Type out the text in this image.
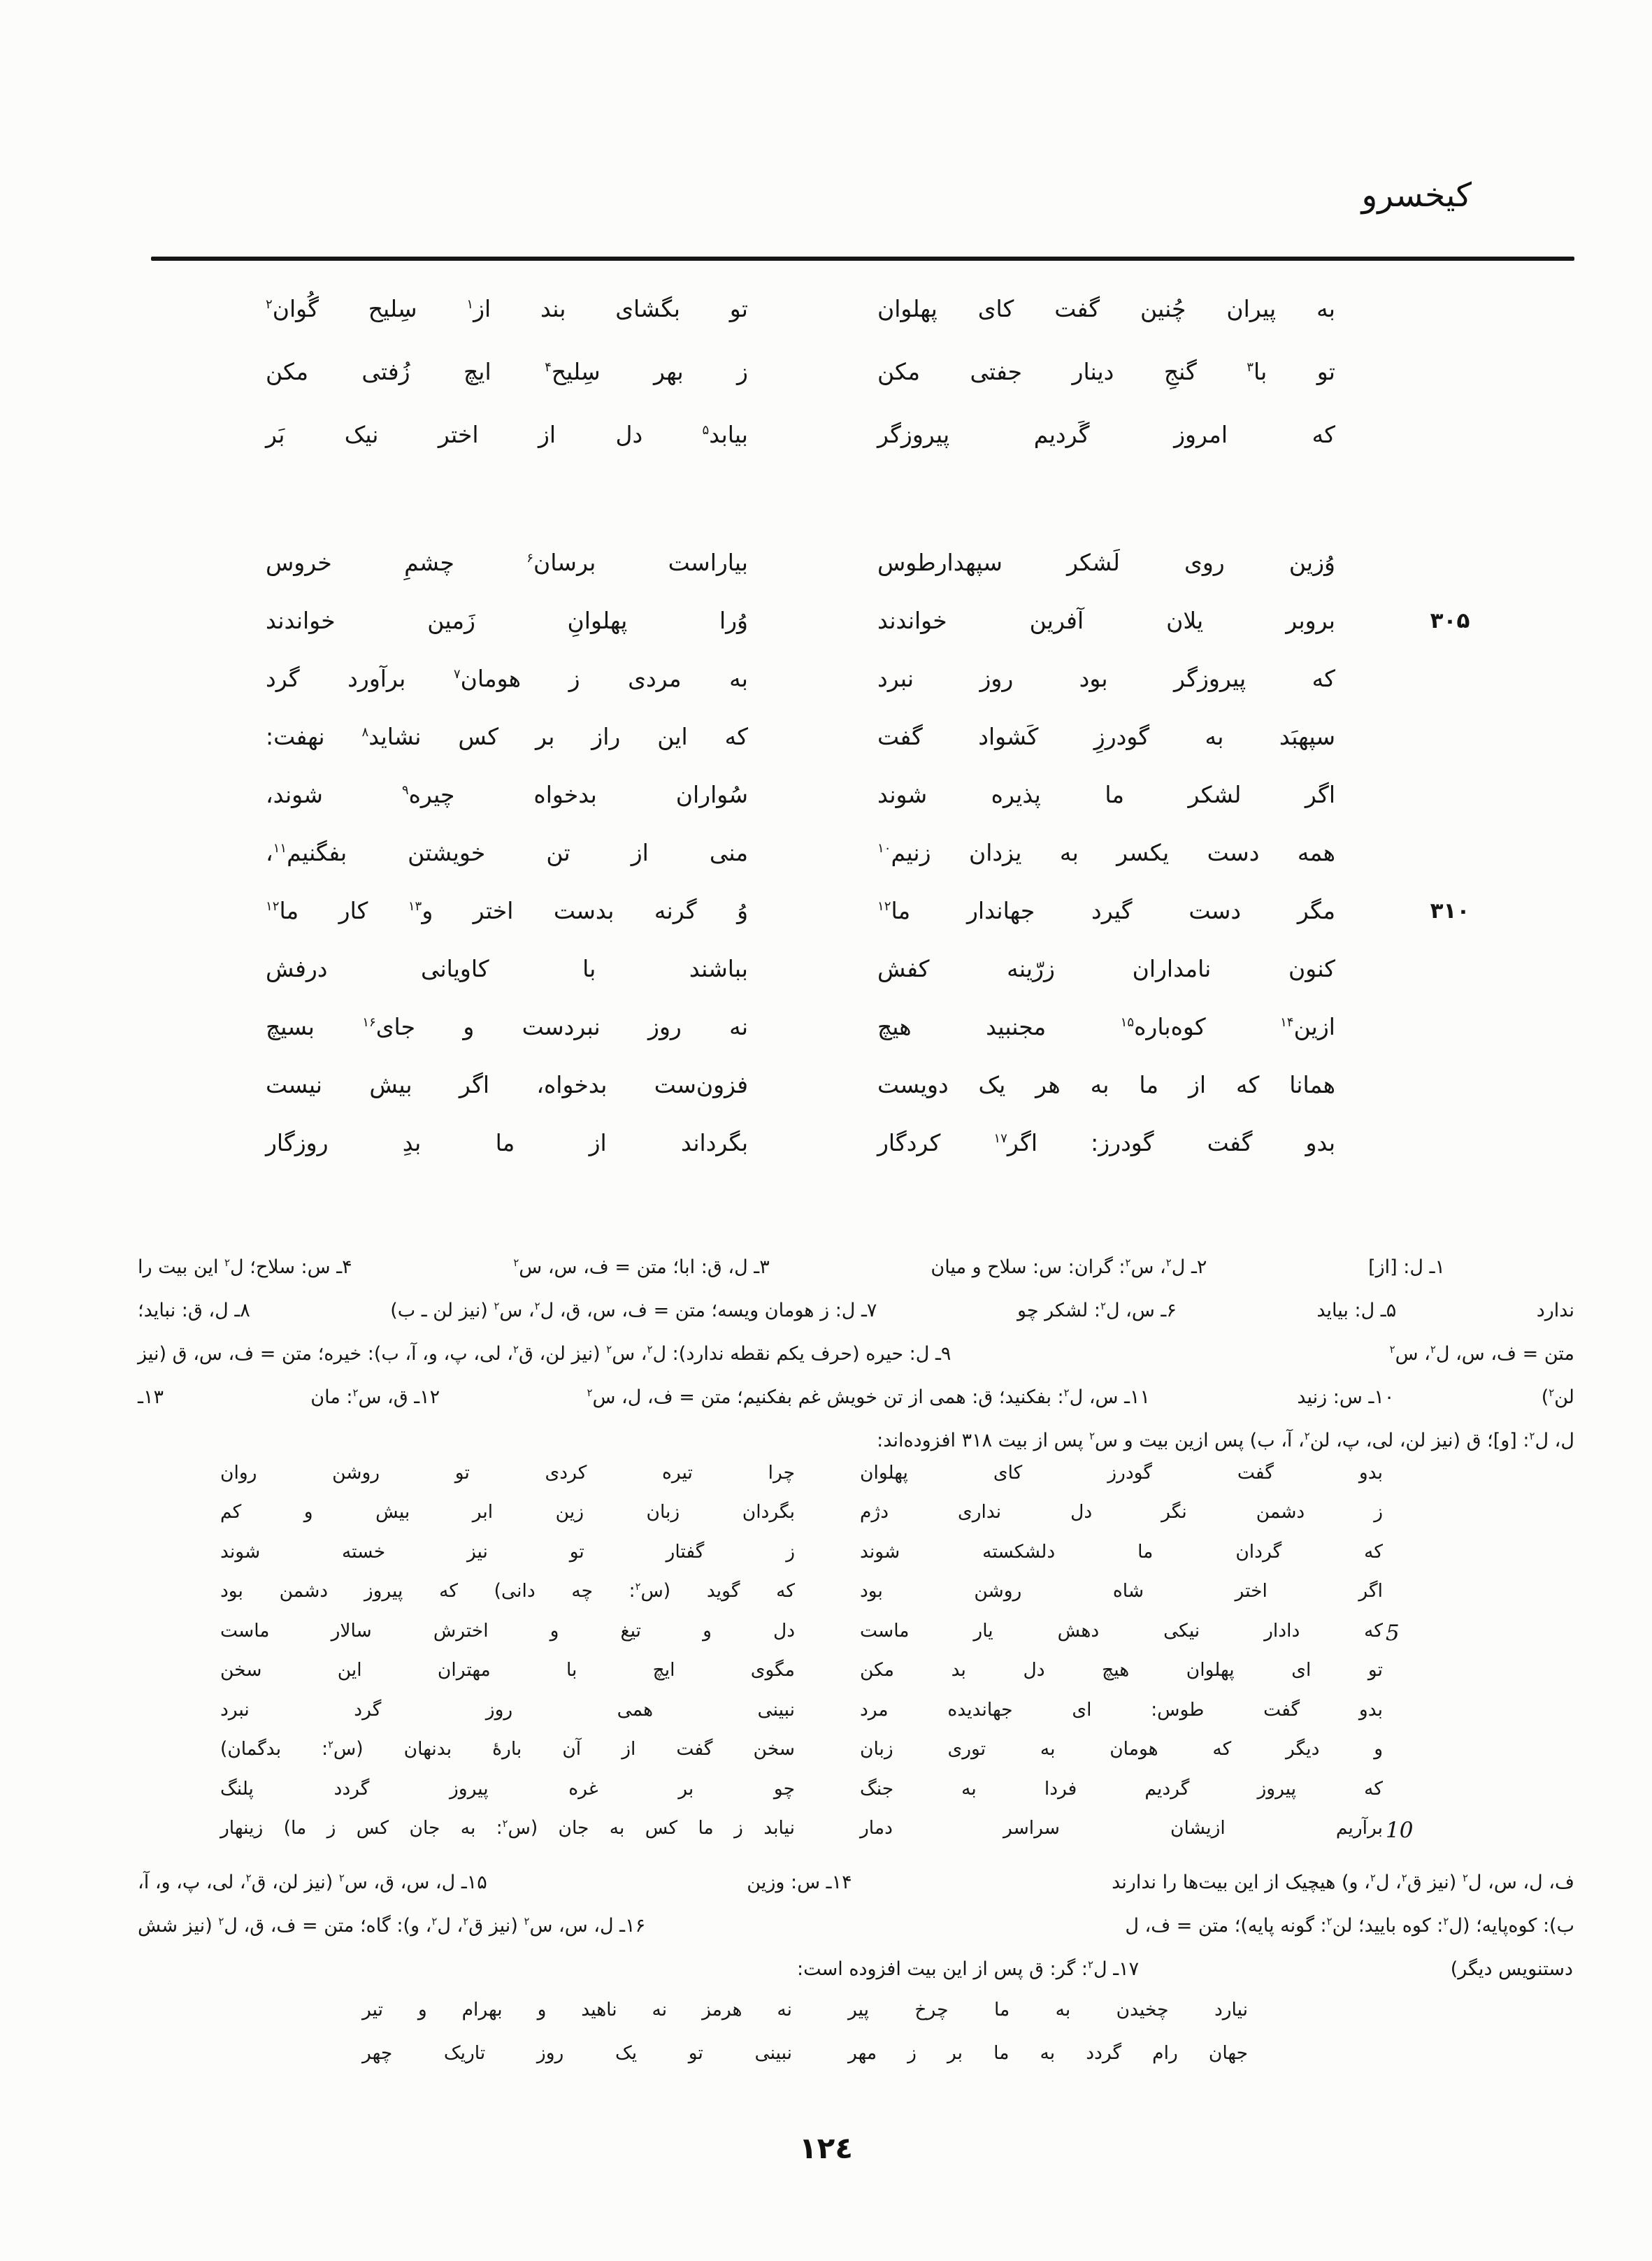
کیخسرو
به پیران چُنین گفت کای پهلوان
تو بگشای بند از$^۱$ سِلیح گُوان$^۲$
تو با$^۳$ گنجِ دینار جفتی مکن
ز بهر سِلیح$^۴$ ایچ زُفتی مکن
که امروز گَردیم پیروزگر
بیابد$^۵$ دل از اختر نیک بَر
وُزین روی لَشکر سپهدارطوس
بیاراست برسان$^۶$ چشمِ خروس
۳۰۵
بروبر یلان آفرین خواندند
وُرا پهلوانِ زَمین خواندند
که پیروزگر بود روز نبرد
به مردی ز هومان$^۷$ برآورد گرد
سپهبَد به گودرزِ کَشواد گفت
که این راز بر کس نشاید$^۸$ نهفت:
اگر لشکر ما پذیره شوند
سُواران بدخواه چیره$^۹$ شوند،
همه دست یکسر به یزدان زنیم$^{۱۰}$
منی از تن خویشتن بفگنیم$^{۱۱}$،
۳۱۰
مگر دست گیرد جهاندار ما$^{۱۲}$
وُ گرنه بدست اختر و$^{۱۳}$ کار ما$^{۱۲}$
کنون نامداران زرّینه کفش
بباشند با کاویانی درفش
ازین$^{۱۴}$ کوه‌باره$^{۱۵}$ مجنبید هیچ
نه روز نبردست و جای$^{۱۶}$ بسیچ
همانا که از ما به هر یک دویست
فزون‌ست بدخواه، اگر بیش نیست
بدو گفت گودرز: اگر$^{۱۷}$ کردگار
بگرداند از ما بدِ روزگار
۱ـ ل: [از]
۲ـ ل$^۲$، س$^۲$: گران: س: سلاح و میان
۳ـ ل، ق: ابا؛ متن = ف، س، س$^۲$
۴ـ س: سلاح؛ ل$^۲$ این بیت را
ندارد
۵ـ ل: بیاید
۶ـ س، ل$^۲$: لشکر چو
۷ـ ل: ز هومان ویسه؛ متن = ف، س، ق، ل$^۲$، س$^۲$ (نیز لن ـ ب)
۸ـ ل، ق: نباید؛
متن = ف، س، ل$^۲$، س$^۲$
۹ـ ل: حیره (حرف یکم نقطه ندارد): ل$^۲$، س$^۲$ (نیز لن، ق$^۲$، لی، پ، و، آ، ب): خیره؛ متن = ف، س، ق (نیز
لن$^۲$)
۱۰ـ س: زنید
۱۱ـ س، ل$^۲$: بفکنید؛ ق: همی از تن خویش غم بفکنیم؛ متن = ف، ل، س$^۲$
۱۲ـ ق، س$^۲$: مان
۱۳ـ
ل، ل$^۲$: [و]؛ ق (نیز لن، لی، پ، لن$^۲$، آ، ب) پس ازین بیت و س$^۲$ پس از بیت ۳۱۸ افزوده‌اند:
بدو گفت گودرز کای پهلوان
چرا تیره کردی تو روشن روان
ز دشمن نگر دل نداری دژم
بگردان زبان زین ابر بیش و کم
که گردان ما دلشکسته شوند
ز گفتار تو نیز خسته شوند
اگر اختر شاه روشن بود
که گوید (س$^۲$: چه دانی) که پیروز دشمن بود
5
که دادار نیکی دهش یار ماست
دل و تیغ و اخترش سالار ماست
تو ای پهلوان هیچ دل بد مکن
مگوی ایچ با مهتران این سخن
بدو گفت طوس: ای جهاندیده مرد
نبینی همی روز گرد نبرد
و دیگر که هومان به توری زبان
سخن گفت از آن بارهٔ بدنهان (س$^۲$: بدگمان)
که پیروز گردیم فردا به جنگ
چو بر غره پیروز گردد پلنگ
10
برآریم ازیشان سراسر دمار
نیابد ز ما کس به جان (س$^۲$: به جان کس ز ما) زینهار
ف، ل، س، ل$^۲$ (نیز ق$^۲$، ل$^۲$، و) هیچیک از این بیت‌ها را ندارند
۱۴ـ س: وزین
۱۵ـ ل، س، ق، س$^۲$ (نیز لن، ق$^۲$، لی، پ، و، آ،
ب): کوه‌پایه؛ (ل$^۲$: کوه بایید؛ لن$^۲$: گونه پایه)؛ متن = ف، ل
۱۶ـ ل، س، س$^۲$ (نیز ق$^۲$، ل$^۲$، و): گاه؛ متن = ف، ق، ل$^۲$ (نیز شش
دستنویس دیگر)
۱۷ـ ل$^۲$: گر: ق پس از این بیت افزوده است:
نیارد چخیدن به ما چرخ پیر
نه هرمز نه ناهید و بهرام و تیر
جهان رام گردد به ما بر ز مهر
نبینی تو یک روز تاریک چهر
١٢٤
